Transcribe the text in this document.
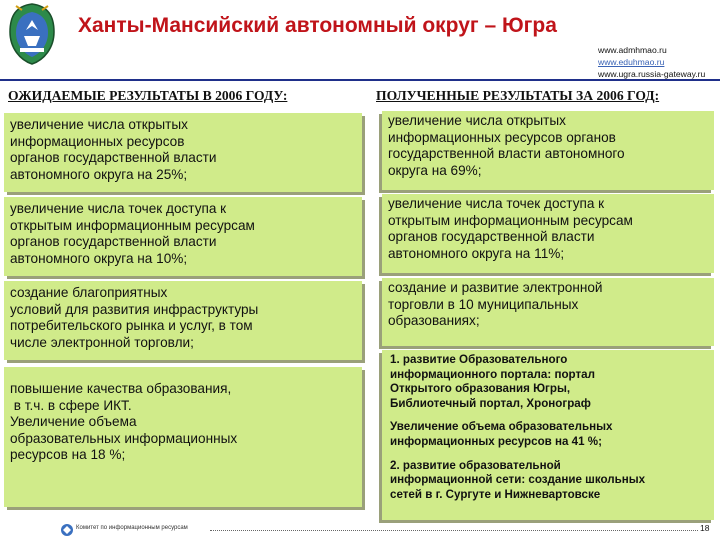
Ханты-Мансийский автономный округ – Югра
www.admhmao.ru
www.eduhmao.ru
www.ugra.russia-gateway.ru
ОЖИДАЕМЫЕ РЕЗУЛЬТАТЫ В 2006 ГОДУ:	ПОЛУЧЕННЫЕ РЕЗУЛЬТАТЫ ЗА 2006 ГОД:
увеличение числа открытых
информационных ресурсов
органов государственной власти
автономного округа на 25%;
увеличение числа точек доступа к
открытым информационным ресурсам
органов государственной власти
автономного округа на 10%;
создание благоприятных
условий для развития инфраструктуры
потребительского рынка и услуг, в том
числе электронной торговли;
повышение качества образования,
в т.ч. в сфере ИКТ.
Увеличение объема
образовательных информационных
ресурсов на 18 %;
увеличение числа открытых
информационных ресурсов органов
государственной власти автономного
округа на 69%;
увеличение числа точек доступа к
открытым информационным ресурсам
органов государственной власти
автономного округа на 11%;
создание и развитие электронной
торговли в 10 муниципальных
образованиях;
1. развитие Образовательного
информационного портала: портал
Открытого образования Югры,
Библиотечный портал, Хронограф
Увеличение объема образовательных
информационных ресурсов на 41 %;
2. развитие образовательной
информационной сети: создание школьных
сетей в г. Сургуте и Нижневартовске
Комитет по информационным ресурсам	18
